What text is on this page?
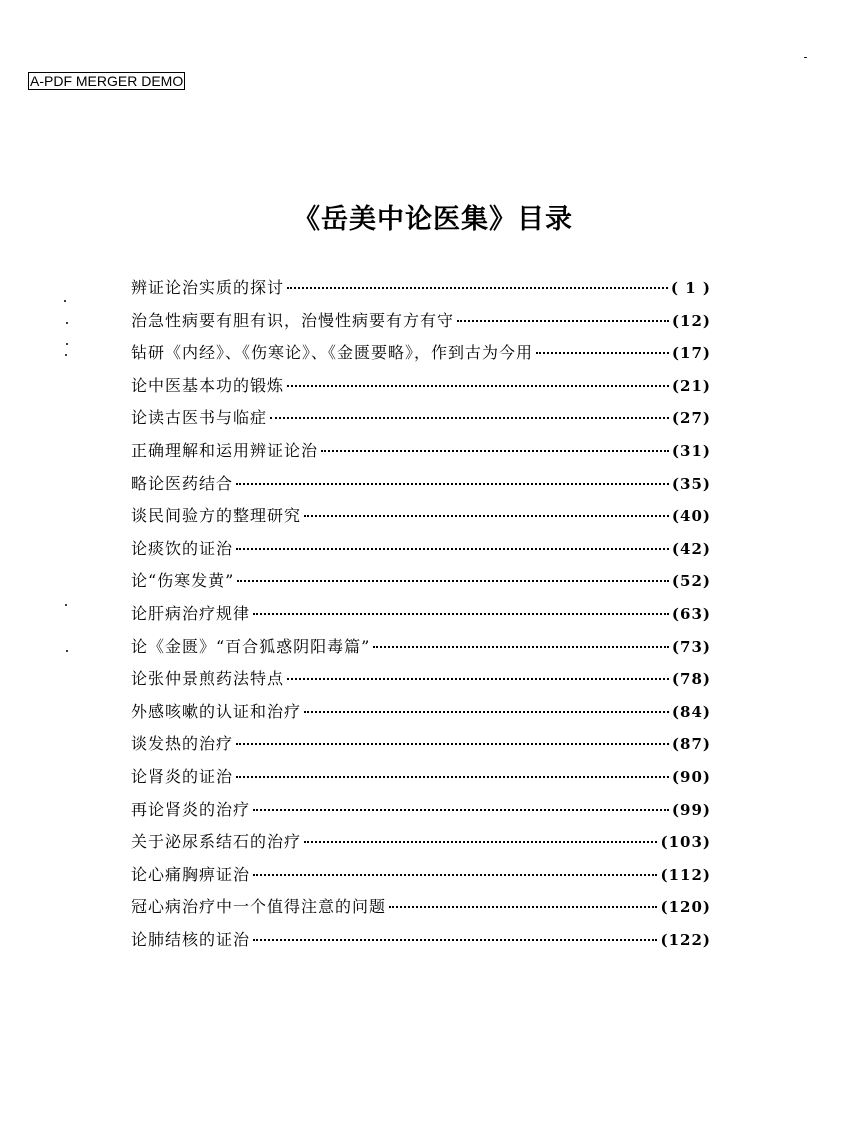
A-PDF MERGER DEMO
《岳美中论医集》目录
辨证论治实质的探讨	( 1 )
治急性病要有胆有识，治慢性病要有方有守	(12)
钻研《内经》、《伤寒论》、《金匮要略》，作到古为今用	(17)
论中医基本功的锻炼	(21)
论读古医书与临症	(27)
正确理解和运用辨证论治	(31)
略论医药结合	(35)
谈民间验方的整理研究	(40)
论痰饮的证治	(42)
论“伤寒发黄”	(52)
论肝病治疗规律	(63)
论《金匮》“百合狐惑阴阳毒篇”	(73)
论张仲景煎药法特点	(78)
外感咳嗽的认证和治疗	(84)
谈发热的治疗	(87)
论肾炎的证治	(90)
再论肾炎的治疗	(99)
关于泌尿系结石的治疗	(103)
论心痛胸痹证治	(112)
冠心病治疗中一个值得注意的问题	(120)
论肺结核的证治	(122)
